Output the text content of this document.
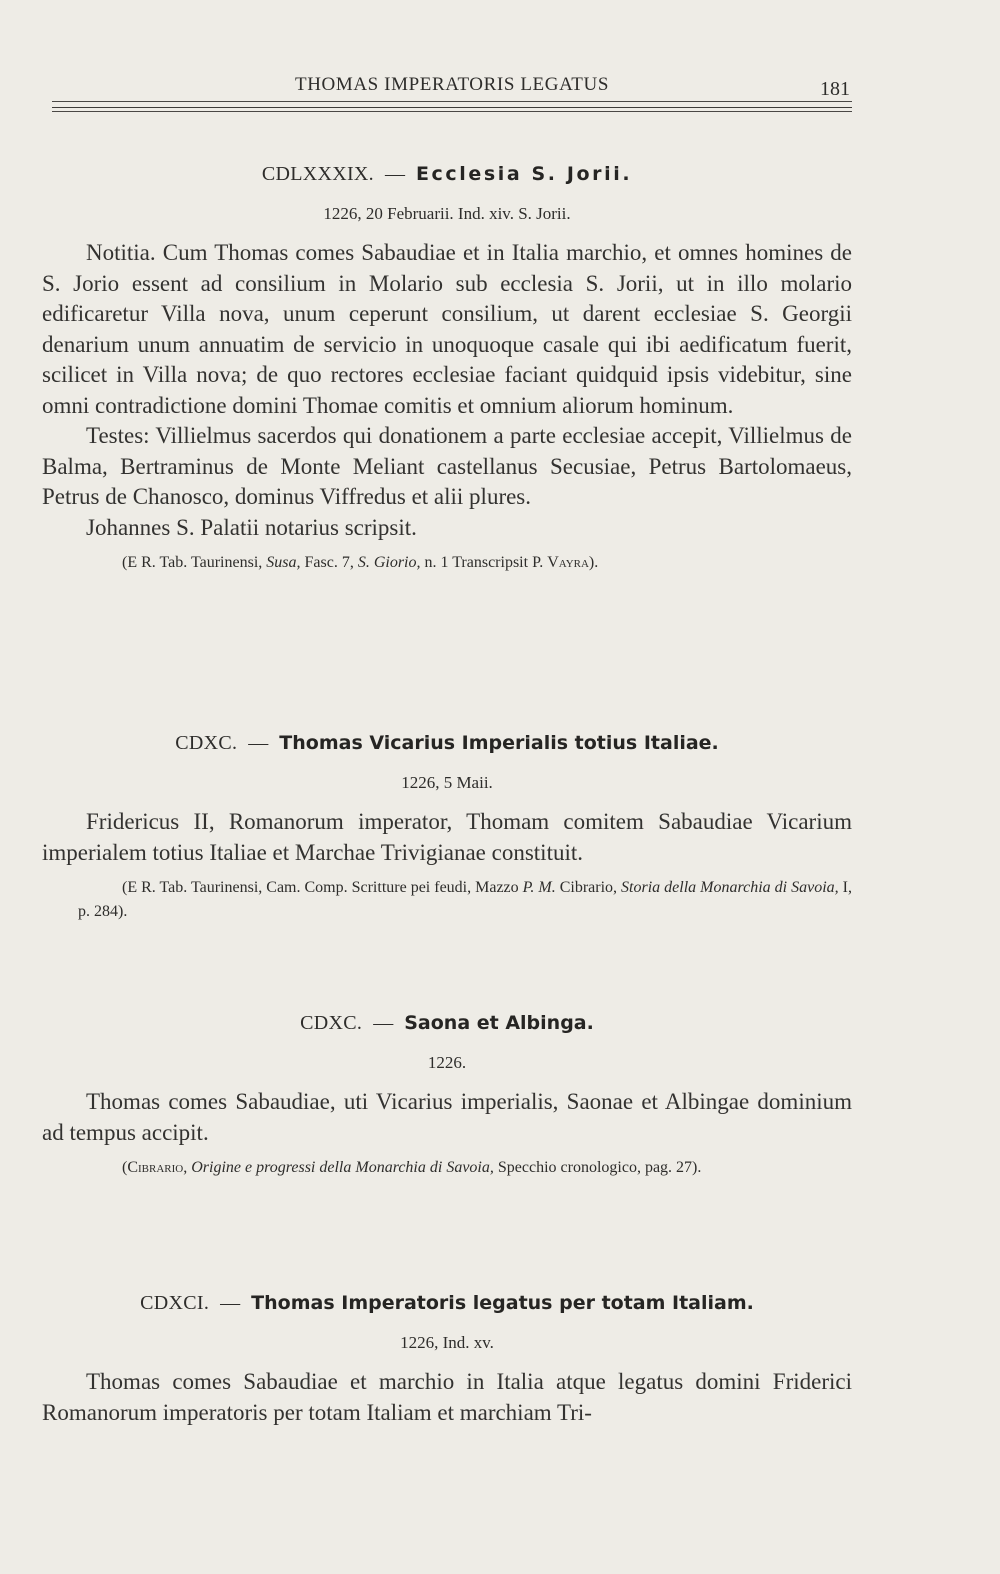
THOMAS IMPERATORIS LEGATUS	181
CDLXXXIX. — Ecclesia S. Jorii.
1226, 20 Februarii. Ind. xiv. S. Jorii.

Notitia. Cum Thomas comes Sabaudiae et in Italia marchio, et omnes homines de S. Jorio essent ad consilium in Molario sub ecclesia S. Jorii, ut in illo molario edificaretur Villa nova, unum ceperunt consilium, ut darent ecclesiae S. Georgii denarium unum annuatim de servicio in unoquoque casale qui ibi aedificatum fuerit, scilicet in Villa nova; de quo rectores ecclesiae faciant quidquid ipsis videbitur, sine omni contradictione domini Thomae comitis et omnium aliorum hominum.

Testes: Villielmus sacerdos qui donationem a parte ecclesiae accepit, Villielmus de Balma, Bertraminus de Monte Meliant castellanus Secusiae, Petrus Bartolomaeus, Petrus de Chanosco, dominus Viffredus et alii plures.

Johannes S. Palatii notarius scripsit.

(E R. Tab. Taurinensi, Susa, Fasc. 7, S. Giorio, n. 1 Transcripsit P. Vayra).
CDXC. — Thomas Vicarius Imperialis totius Italiae.
1226, 5 Maii.

Fridericus II, Romanorum imperator, Thomam comitem Sabaudiae Vicarium imperialem totius Italiae et Marchae Trivigianae constituit.

(E R. Tab. Taurinensi, Cam. Comp. Scritture pei feudi, Mazzo P. M. Cibrario, Storia della Monarchia di Savoia, I, p. 284).
CDXC. — Saona et Albinga.
1226.

Thomas comes Sabaudiae, uti Vicarius imperialis, Saonae et Albingae dominium ad tempus accipit.

(Cibrario, Origine e progressi della Monarchia di Savoia, Specchio cronologico, pag. 27).
CDXCI. — Thomas Imperatoris legatus per totam Italiam.
1226, Ind. xv.

Thomas comes Sabaudiae et marchio in Italia atque legatus domini Friderici Romanorum imperatoris per totam Italiam et marchiam Tri-
